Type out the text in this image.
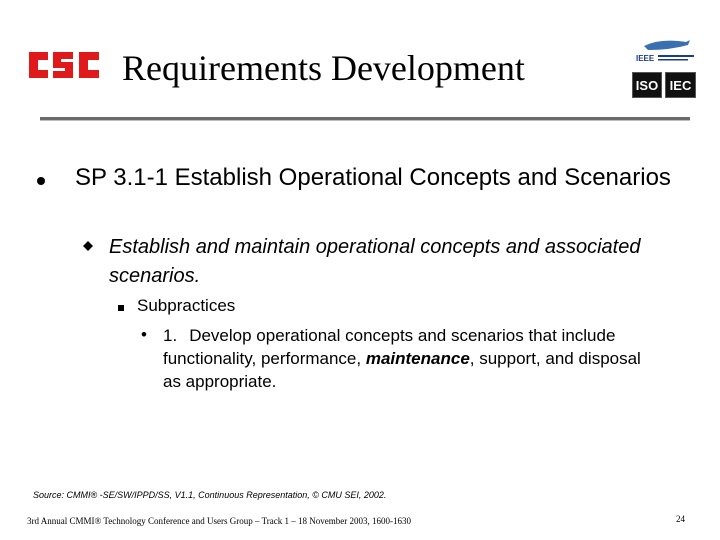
Requirements Development	IEEE
ISO IEC
SP 3.1-1 Establish Operational Concepts and Scenarios
Establish and maintain operational concepts and associated scenarios.
Subpractices
• 1. Develop operational concepts and scenarios that include functionality, performance, maintenance, support, and disposal as appropriate.
Source: CMMI® -SE/SW/IPPD/SS, V1.1, Continuous Representation, © CMU SEI, 2002.
3rd Annual CMMI® Technology Conference and Users Group – Track 1 – 18 November 2003, 1600-1630	24
